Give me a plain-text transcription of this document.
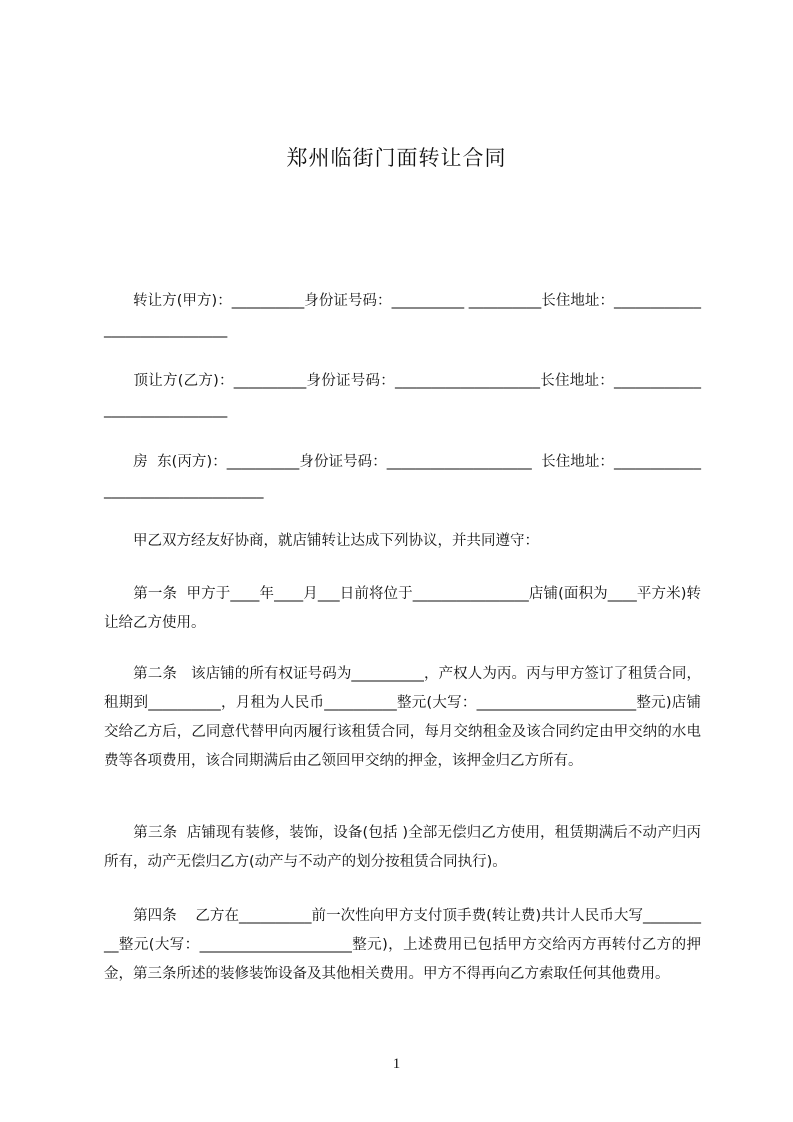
郑州临街门面转让合同

　　转让方(甲方)：__________身份证号码：__________ __________长住地址：_____________________________

　　顶让方(乙方)：__________身份证号码：____________________长住地址：_____________________________

　　房  东(丙方)：__________身份证号码：____________________  长住地址：__________________________________

　　甲乙双方经友好协商，就店铺转让达成下列协议，并共同遵守：

　　第一条  甲方于____年____月___日前将位于________________店铺(面积为____平方米)转让给乙方使用。

　　第二条   该店铺的所有权证号码为__________，产权人为丙。丙与甲方签订了租赁合同，租期到__________，月租为人民币__________整元(大写：______________________整元)店铺交给乙方后，乙同意代替甲向丙履行该租赁合同，每月交纳租金及该合同约定由甲交纳的水电费等各项费用，该合同期满后由乙领回甲交纳的押金，该押金归乙方所有。

　　第三条  店铺现有装修，装饰，设备(包括 )全部无偿归乙方使用，租赁期满后不动产归丙所有，动产无偿归乙方(动产与不动产的划分按租赁合同执行)。

　　第四条    乙方在__________前一次性向甲方支付顶手费(转让费)共计人民币大写__________整元(大写：_____________________整元)，上述费用已包括甲方交给丙方再转付乙方的押金，第三条所述的装修装饰设备及其他相关费用。甲方不得再向乙方索取任何其他费用。

1
